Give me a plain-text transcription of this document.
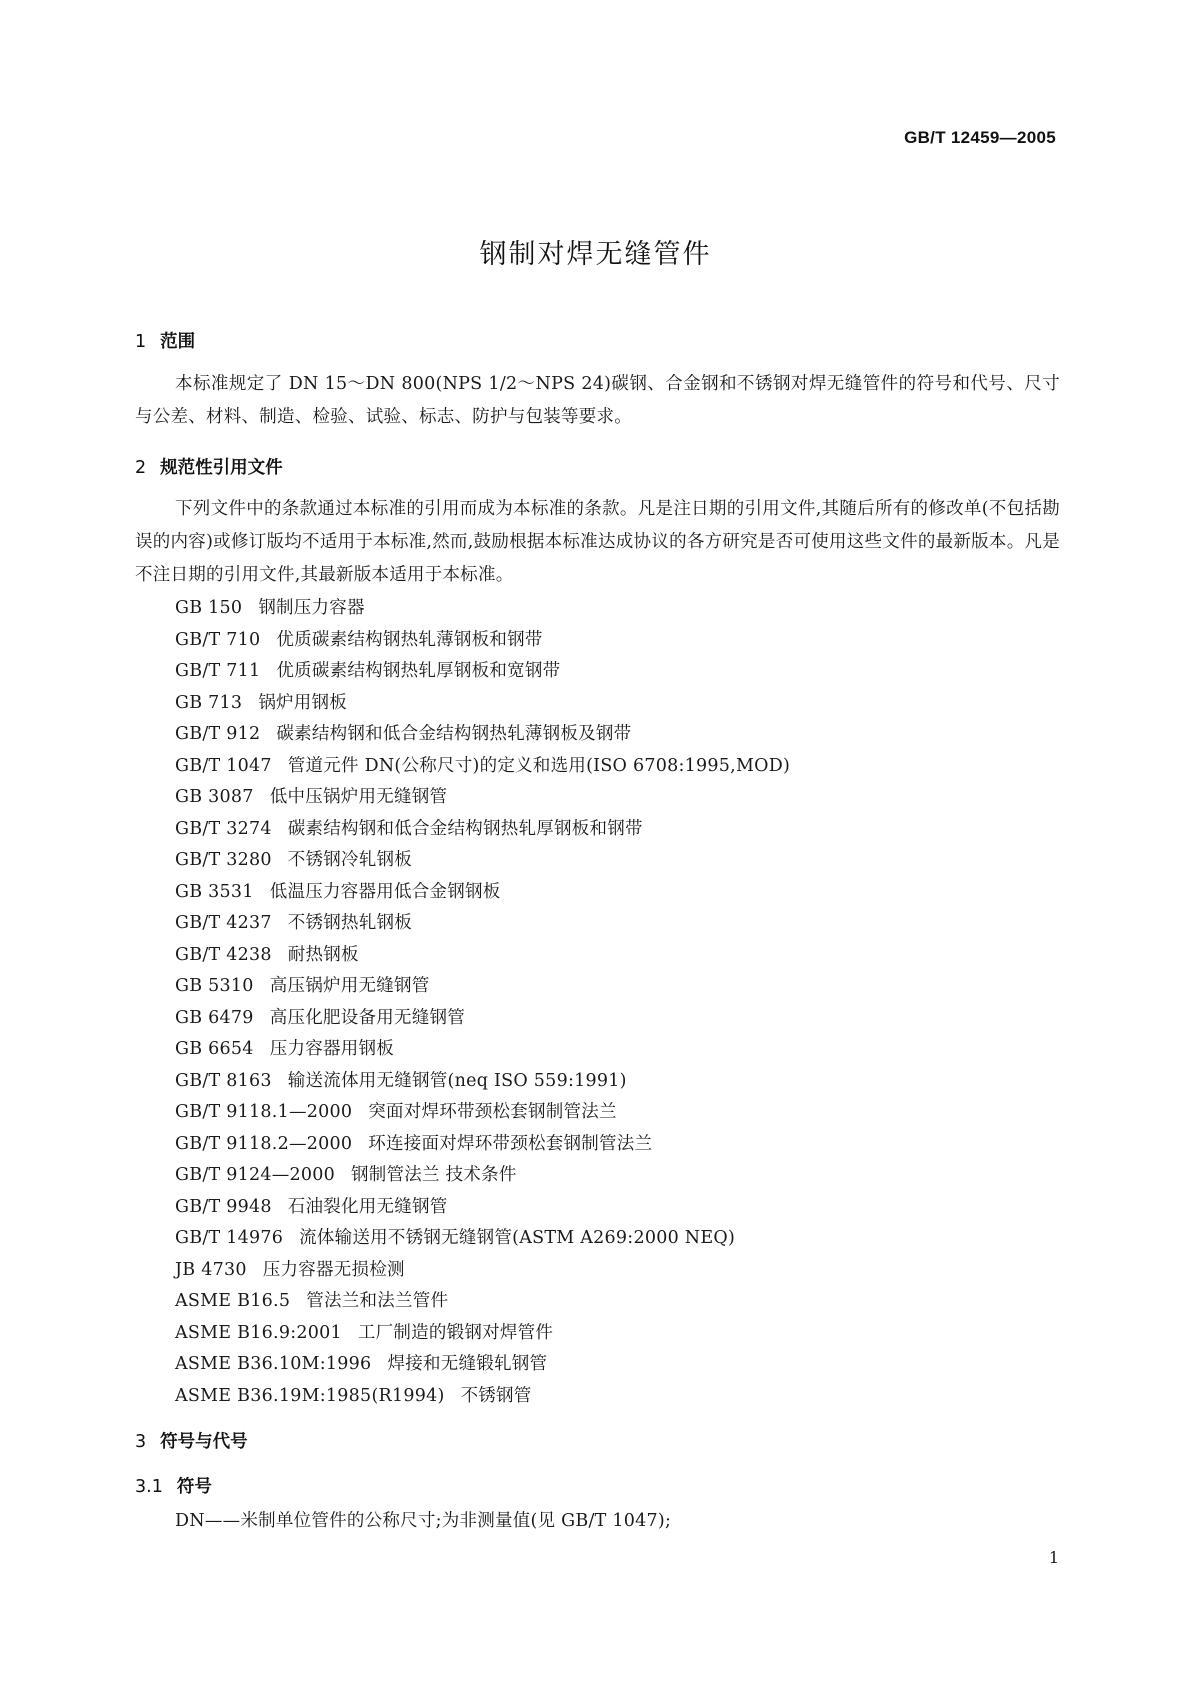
GB/T 12459—2005
钢制对焊无缝管件
1 范围
本标准规定了 DN 15～DN 800(NPS 1/2～NPS 24)碳钢、合金钢和不锈钢对焊无缝管件的符号和代号、尺寸与公差、材料、制造、检验、试验、标志、防护与包装等要求。
2 规范性引用文件
下列文件中的条款通过本标准的引用而成为本标准的条款。凡是注日期的引用文件,其随后所有的修改单(不包括勘误的内容)或修订版均不适用于本标准,然而,鼓励根据本标准达成协议的各方研究是否可使用这些文件的最新版本。凡是不注日期的引用文件,其最新版本适用于本标准。
GB 150 钢制压力容器
GB/T 710 优质碳素结构钢热轧薄钢板和钢带
GB/T 711 优质碳素结构钢热轧厚钢板和宽钢带
GB 713 锅炉用钢板
GB/T 912 碳素结构钢和低合金结构钢热轧薄钢板及钢带
GB/T 1047 管道元件 DN(公称尺寸)的定义和选用(ISO 6708:1995,MOD)
GB 3087 低中压锅炉用无缝钢管
GB/T 3274 碳素结构钢和低合金结构钢热轧厚钢板和钢带
GB/T 3280 不锈钢冷轧钢板
GB 3531 低温压力容器用低合金钢钢板
GB/T 4237 不锈钢热轧钢板
GB/T 4238 耐热钢板
GB 5310 高压锅炉用无缝钢管
GB 6479 高压化肥设备用无缝钢管
GB 6654 压力容器用钢板
GB/T 8163 输送流体用无缝钢管(neq ISO 559:1991)
GB/T 9118.1—2000 突面对焊环带颈松套钢制管法兰
GB/T 9118.2—2000 环连接面对焊环带颈松套钢制管法兰
GB/T 9124—2000 钢制管法兰 技术条件
GB/T 9948 石油裂化用无缝钢管
GB/T 14976 流体输送用不锈钢无缝钢管(ASTM A269:2000 NEQ)
JB 4730 压力容器无损检测
ASME B16.5 管法兰和法兰管件
ASME B16.9:2001 工厂制造的锻钢对焊管件
ASME B36.10M:1996 焊接和无缝锻轧钢管
ASME B36.19M:1985(R1994) 不锈钢管
3 符号与代号
3.1 符号
DN——米制单位管件的公称尺寸;为非测量值(见 GB/T 1047);
1
